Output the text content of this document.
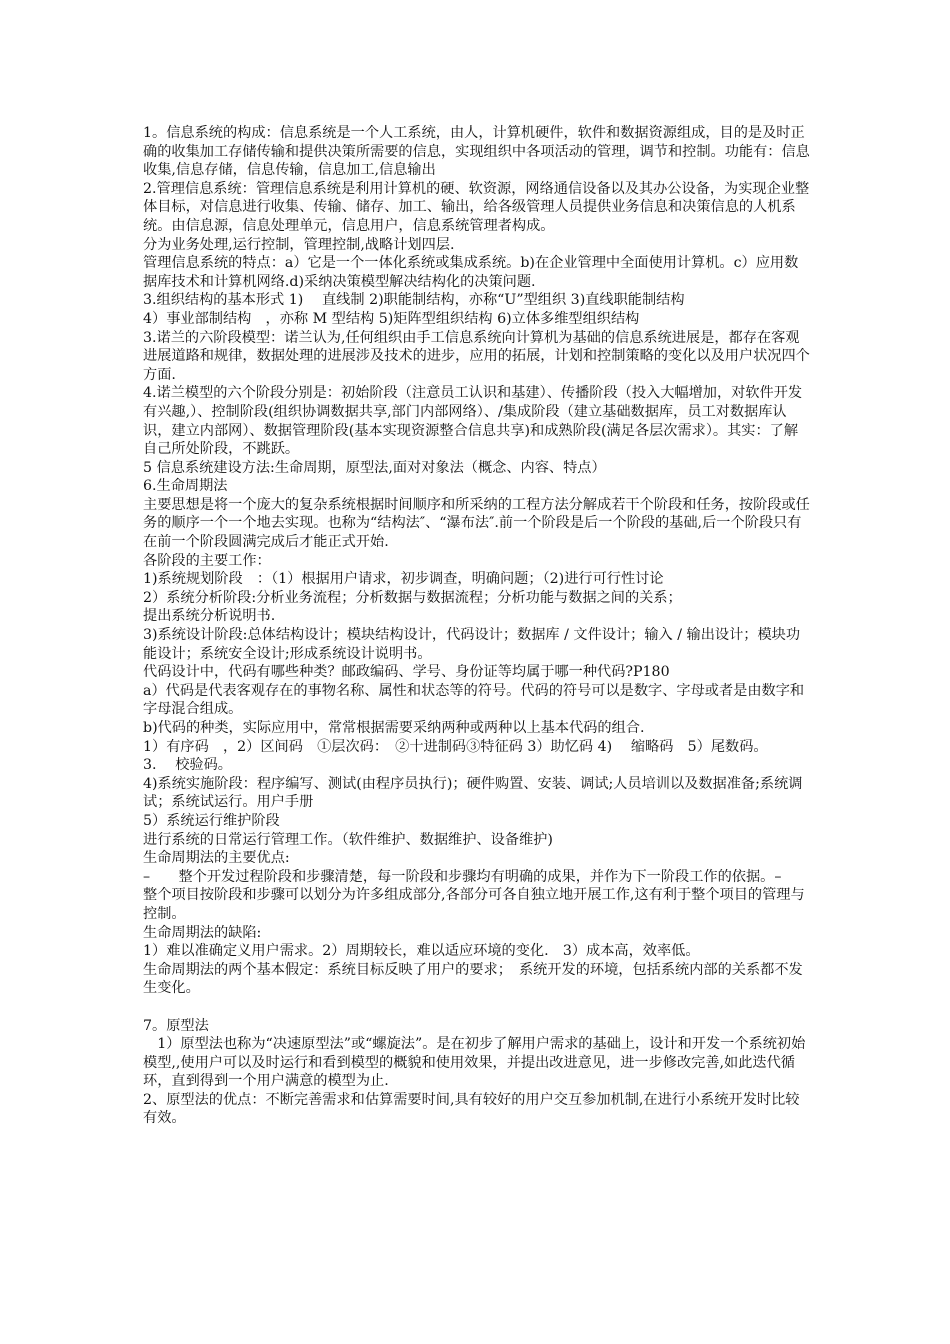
1。信息系统的构成：信息系统是一个人工系统，由人，计算机硬件，软件和数据资源组成，目的是及时正确的收集加工存储传输和提供决策所需要的信息，实现组织中各项活动的管理，调节和控制。功能有：信息收集,信息存储，信息传输，信息加工,信息输出
2.管理信息系统：管理信息系统是利用计算机的硬、软资源，网络通信设备以及其办公设备，为实现企业整体目标，对信息进行收集、传输、储存、加工、输出，给各级管理人员提供业务信息和决策信息的人机系统。由信息源，信息处理单元，信息用户，信息系统管理者构成。
分为业务处理,运行控制，管理控制,战略计划四层.
管理信息系统的特点：a）它是一个一体化系统或集成系统。b)在企业管理中全面使用计算机。c）应用数据库技术和计算机网络.d)采纳决策模型解决结构化的决策问题.
3.组织结构的基本形式 1)　 直线制 2)职能制结构，亦称“U”型组织 3)直线职能制结构
4）事业部制结构　，亦称 M 型结构 5)矩阵型组织结构 6)立体多维型组织结构
3.诺兰的六阶段模型：诺兰认为,任何组织由手工信息系统向计算机为基础的信息系统进展是，都存在客观进展道路和规律，数据处理的进展涉及技术的进步，应用的拓展，计划和控制策略的变化以及用户状况四个方面.
4.诺兰模型的六个阶段分别是：初始阶段（注意员工认识和基建）、传播阶段（投入大幅增加，对软件开发有兴趣,）、控制阶段(组织协调数据共享,部门内部网络）、/集成阶段（建立基础数据库，员工对数据库认识，建立内部网）、数据管理阶段(基本实现资源整合信息共享)和成熟阶段(满足各层次需求）。其实：了解自己所处阶段，不跳跃。
5 信息系统建设方法:生命周期，原型法,面对对象法（概念、内容、特点）
6.生命周期法
主要思想是将一个庞大的复杂系统根据时间顺序和所采纳的工程方法分解成若干个阶段和任务，按阶段或任务的顺序一个一个地去实现。也称为“结构法″、“瀑布法″.前一个阶段是后一个阶段的基础,后一个阶段只有在前一个阶段圆满完成后才能正式开始.
各阶段的主要工作：
1)系统规划阶段　：（1）根据用户请求，初步调查，明确问题；（2)进行可行性讨论
2）系统分析阶段:分析业务流程；分析数据与数据流程；分析功能与数据之间的关系；
提出系统分析说明书.
3)系统设计阶段:总体结构设计；模块结构设计，代码设计；数据库 / 文件设计；输入 / 输出设计；模块功能设计；系统安全设计;形成系统设计说明书。
代码设计中，代码有哪些种类？邮政编码、学号、身份证等均属于哪一种代码?P180
a）代码是代表客观存在的事物名称、属性和状态等的符号。代码的符号可以是数字、字母或者是由数字和字母混合组成。
b)代码的种类，实际应用中，常常根据需要采纳两种或两种以上基本代码的组合.
1）有序码　，2）区间码　①层次码：　②十进制码③特征码 3）助忆码 4)　 缩略码　5）尾数码。
3.　 校验码。
4)系统实施阶段：程序编写、测试(由程序员执行)；硬件购置、安装、调试;人员培训以及数据准备;系统调试；系统试运行。用户手册
5）系统运行维护阶段
进行系统的日常运行管理工作。（软件维护、数据维护、设备维护)
生命周期法的主要优点:
–　　整个开发过程阶段和步骤清楚，每一阶段和步骤均有明确的成果，并作为下一阶段工作的依据。–　　整个项目按阶段和步骤可以划分为许多组成部分,各部分可各自独立地开展工作,这有利于整个项目的管理与控制。
生命周期法的缺陷:
1）难以准确定义用户需求。2）周期较长，难以适应环境的变化.　3）成本高，效率低。
生命周期法的两个基本假定：系统目标反映了用户的要求；　系统开发的环境，包括系统内部的关系都不发生变化。
7。原型法
　1）原型法也称为“决速原型法”或“螺旋法”。是在初步了解用户需求的基础上，设计和开发一个系统初始模型,,使用户可以及时运行和看到模型的概貌和使用效果，并提出改进意见，进一步修改完善,如此迭代循环，直到得到一个用户满意的模型为止.
2、原型法的优点：不断完善需求和估算需要时间,具有较好的用户交互参加机制,在进行小系统开发时比较有效。
